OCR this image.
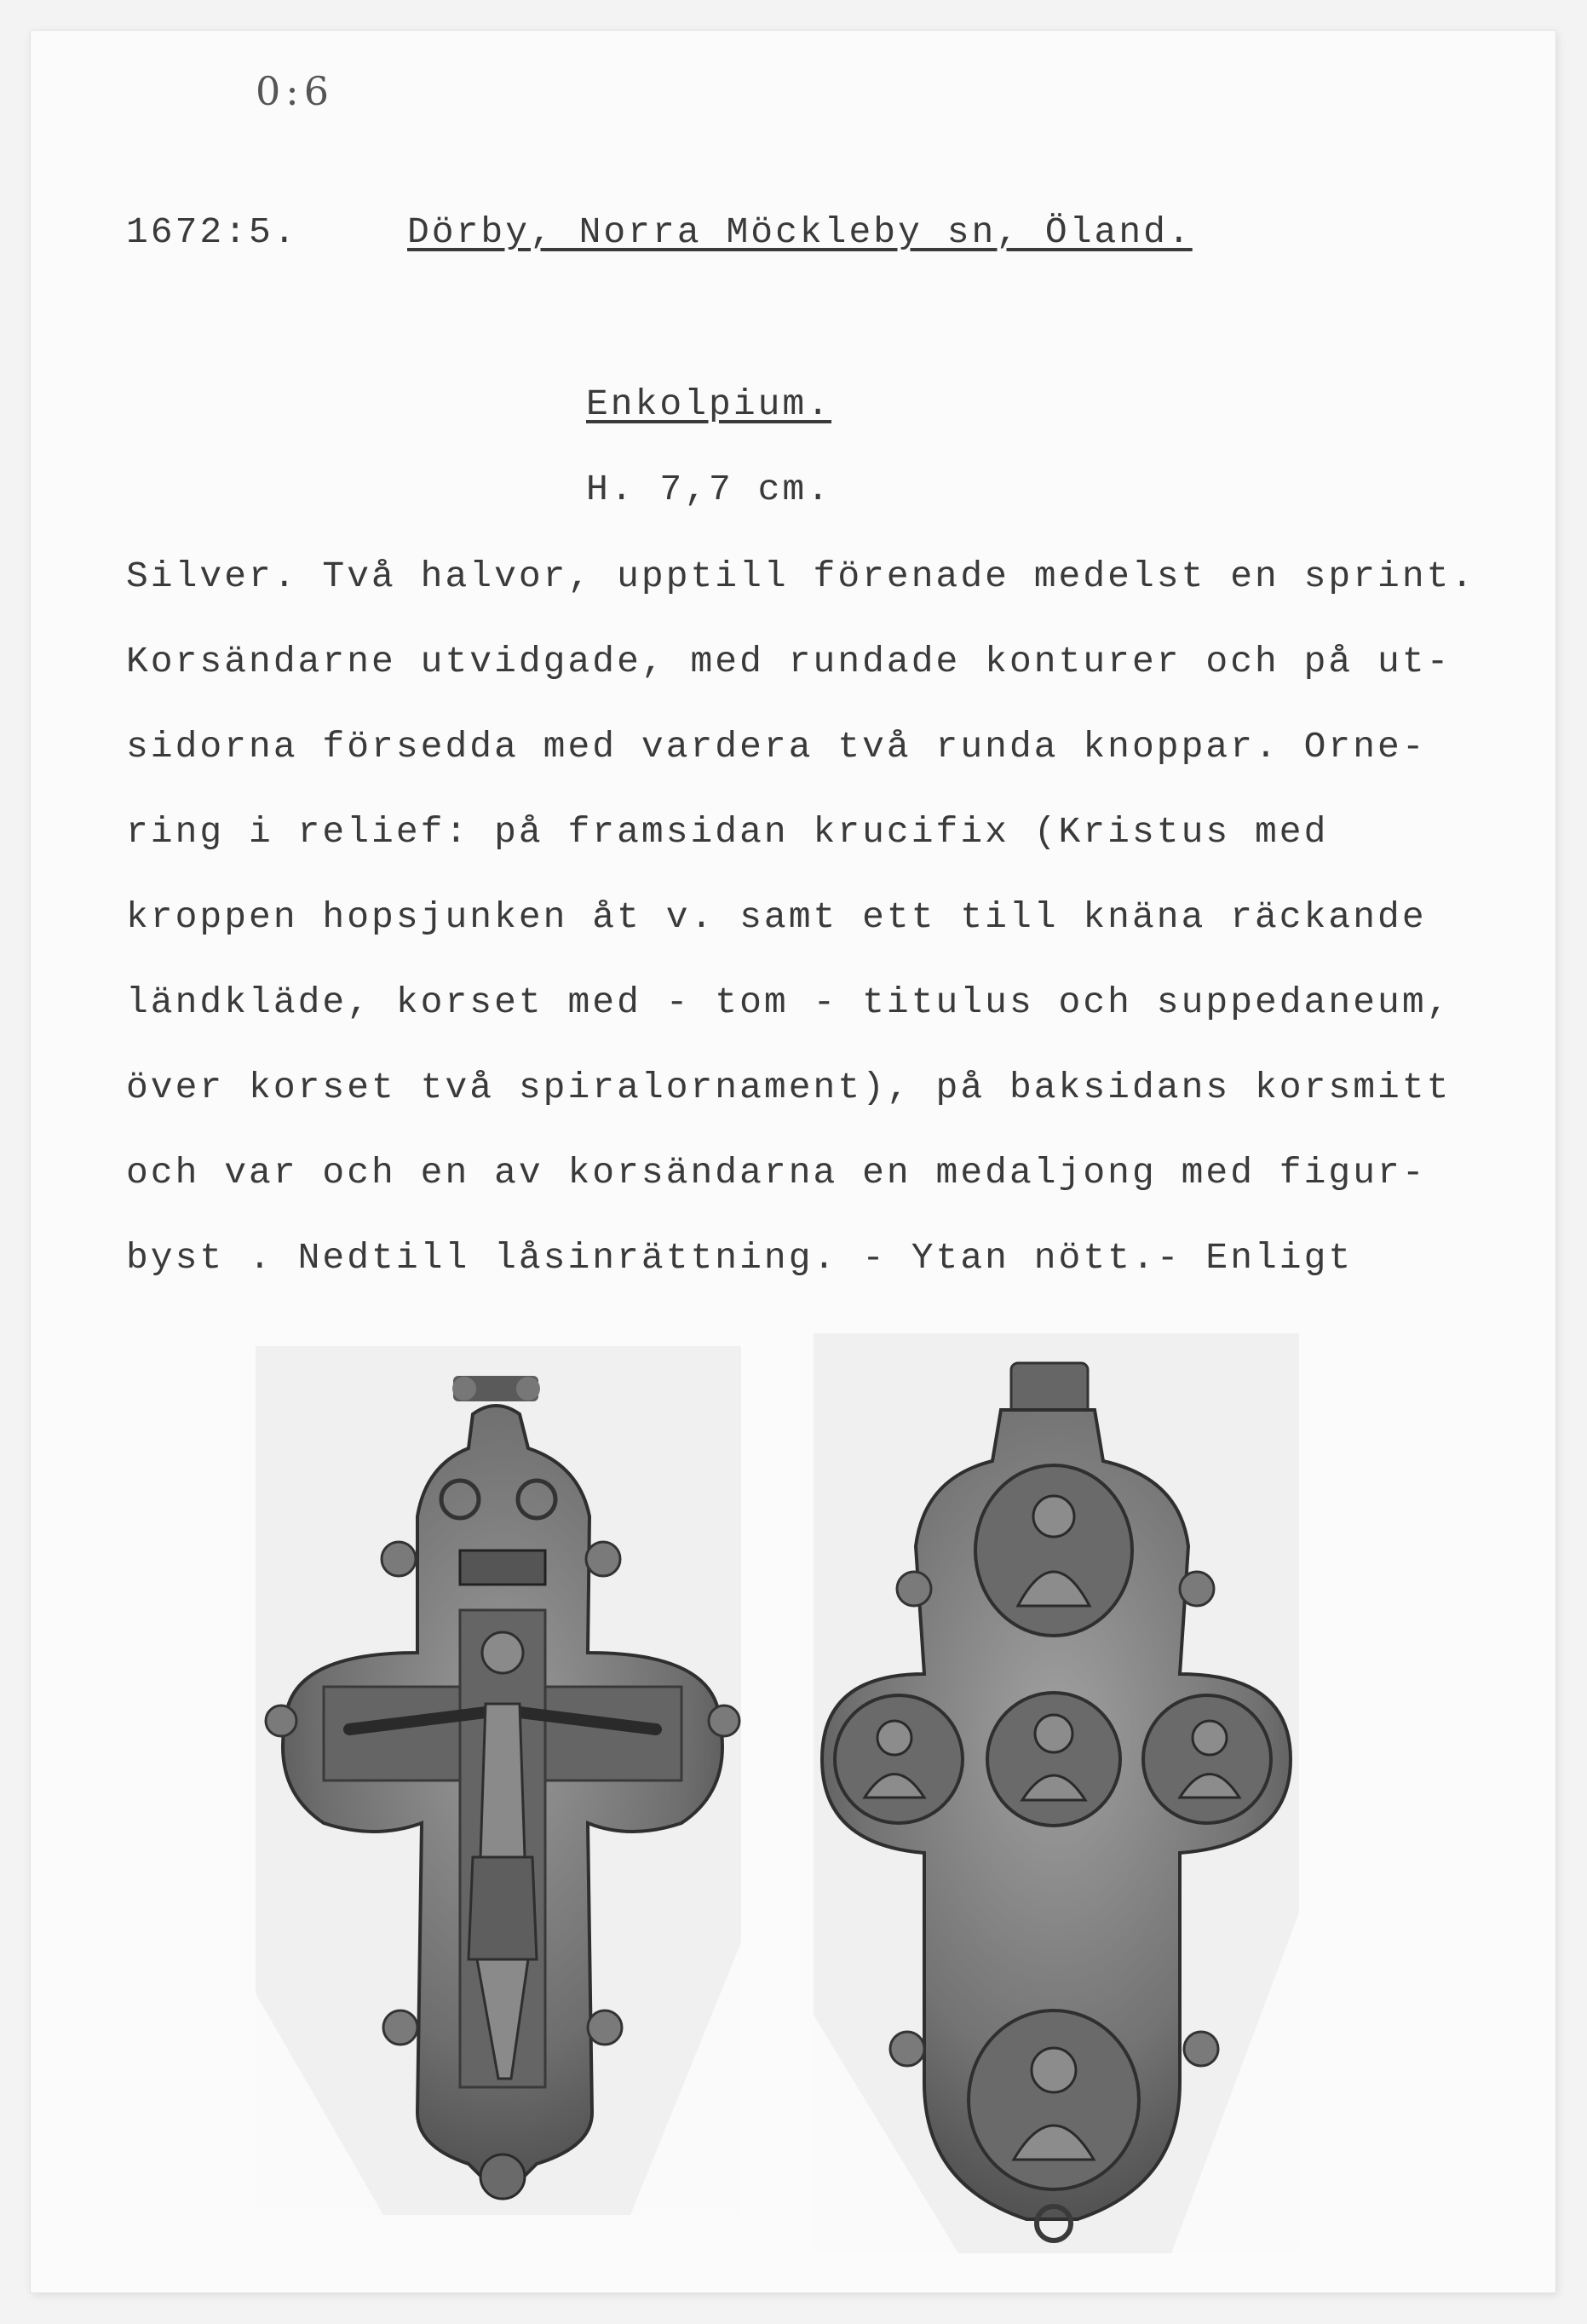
0:6
1672:5.	Dörby, Norra Möckleby sn, Öland.
Enkolpium.
H. 7,7 cm.
Silver. Två halvor, upptill förenade medelst en sprint.
Korsändarne utvidgade, med rundade konturer och på ut-
sidorna försedda med vardera två runda knoppar. Orne-
ring i relief: på framsidan krucifix (Kristus med
kroppen hopsjunken åt v. samt ett till knäna räckande
ländkläde, korset med - tom - titulus och suppedaneum,
över korset två spiralornament), på baksidans korsmitt
och var och en av korsändarna en medaljong med figur-
byst . Nedtill låsinrättning. - Ytan nött.- Enligt
